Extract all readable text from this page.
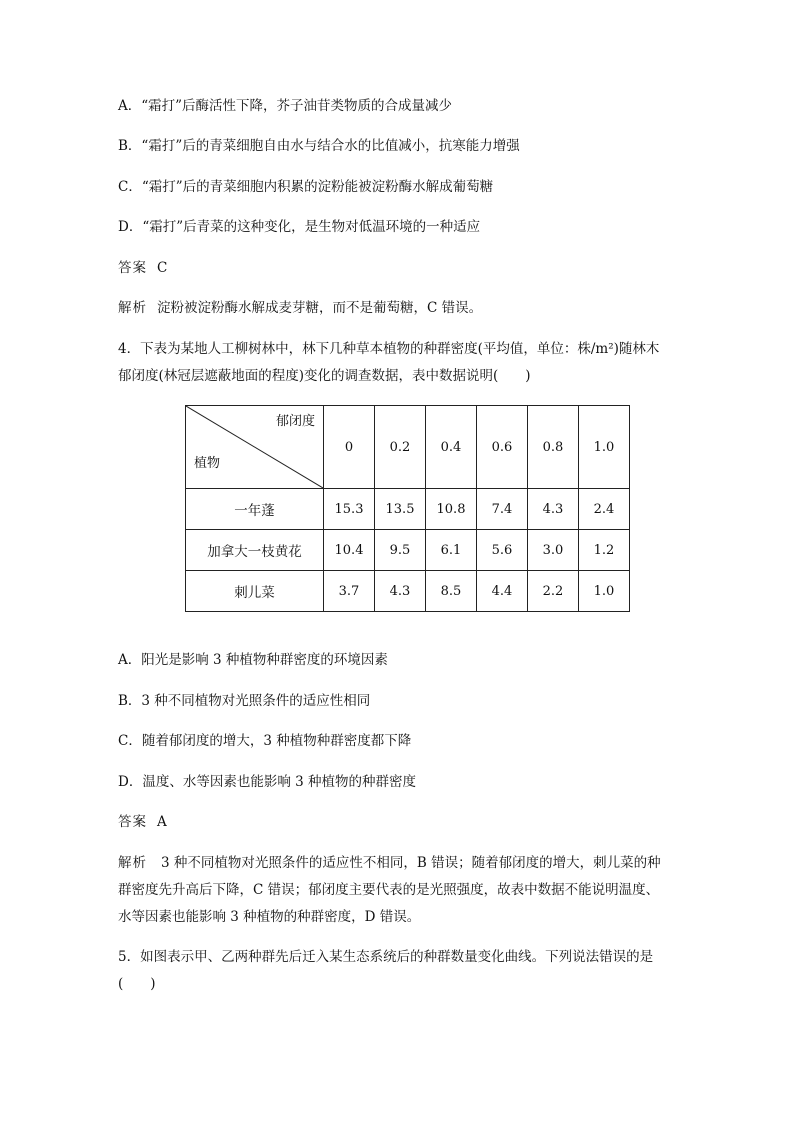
A．“霜打”后酶活性下降，芥子油苷类物质的合成量减少
B．“霜打”后的青菜细胞自由水与结合水的比值减小，抗寒能力增强
C．“霜打”后的青菜细胞内积累的淀粉能被淀粉酶水解成葡萄糖
D．“霜打”后青菜的这种变化，是生物对低温环境的一种适应
答案 C
解析 淀粉被淀粉酶水解成麦芽糖，而不是葡萄糖，C 错误。
4．下表为某地人工柳树林中，林下几种草本植物的种群密度(平均值，单位：株/m²)随林木
郁闭度(林冠层遮蔽地面的程度)变化的调查数据，表中数据说明(　　)
郁闭度
植物	0	0.2	0.4	0.6	0.8	1.0
一年蓬	15.3	13.5	10.8	7.4	4.3	2.4
加拿大一枝黄花	10.4	9.5	6.1	5.6	3.0	1.2
刺儿菜	3.7	4.3	8.5	4.4	2.2	1.0
A．阳光是影响 3 种植物种群密度的环境因素
B．3 种不同植物对光照条件的适应性相同
C．随着郁闭度的增大，3 种植物种群密度都下降
D．温度、水等因素也能影响 3 种植物的种群密度
答案 A
解析 3 种不同植物对光照条件的适应性不相同，B 错误；随着郁闭度的增大，刺儿菜的种
群密度先升高后下降，C 错误；郁闭度主要代表的是光照强度，故表中数据不能说明温度、
水等因素也能影响 3 种植物的种群密度，D 错误。
5．如图表示甲、乙两种群先后迁入某生态系统后的种群数量变化曲线。下列说法错误的是
(　　)
